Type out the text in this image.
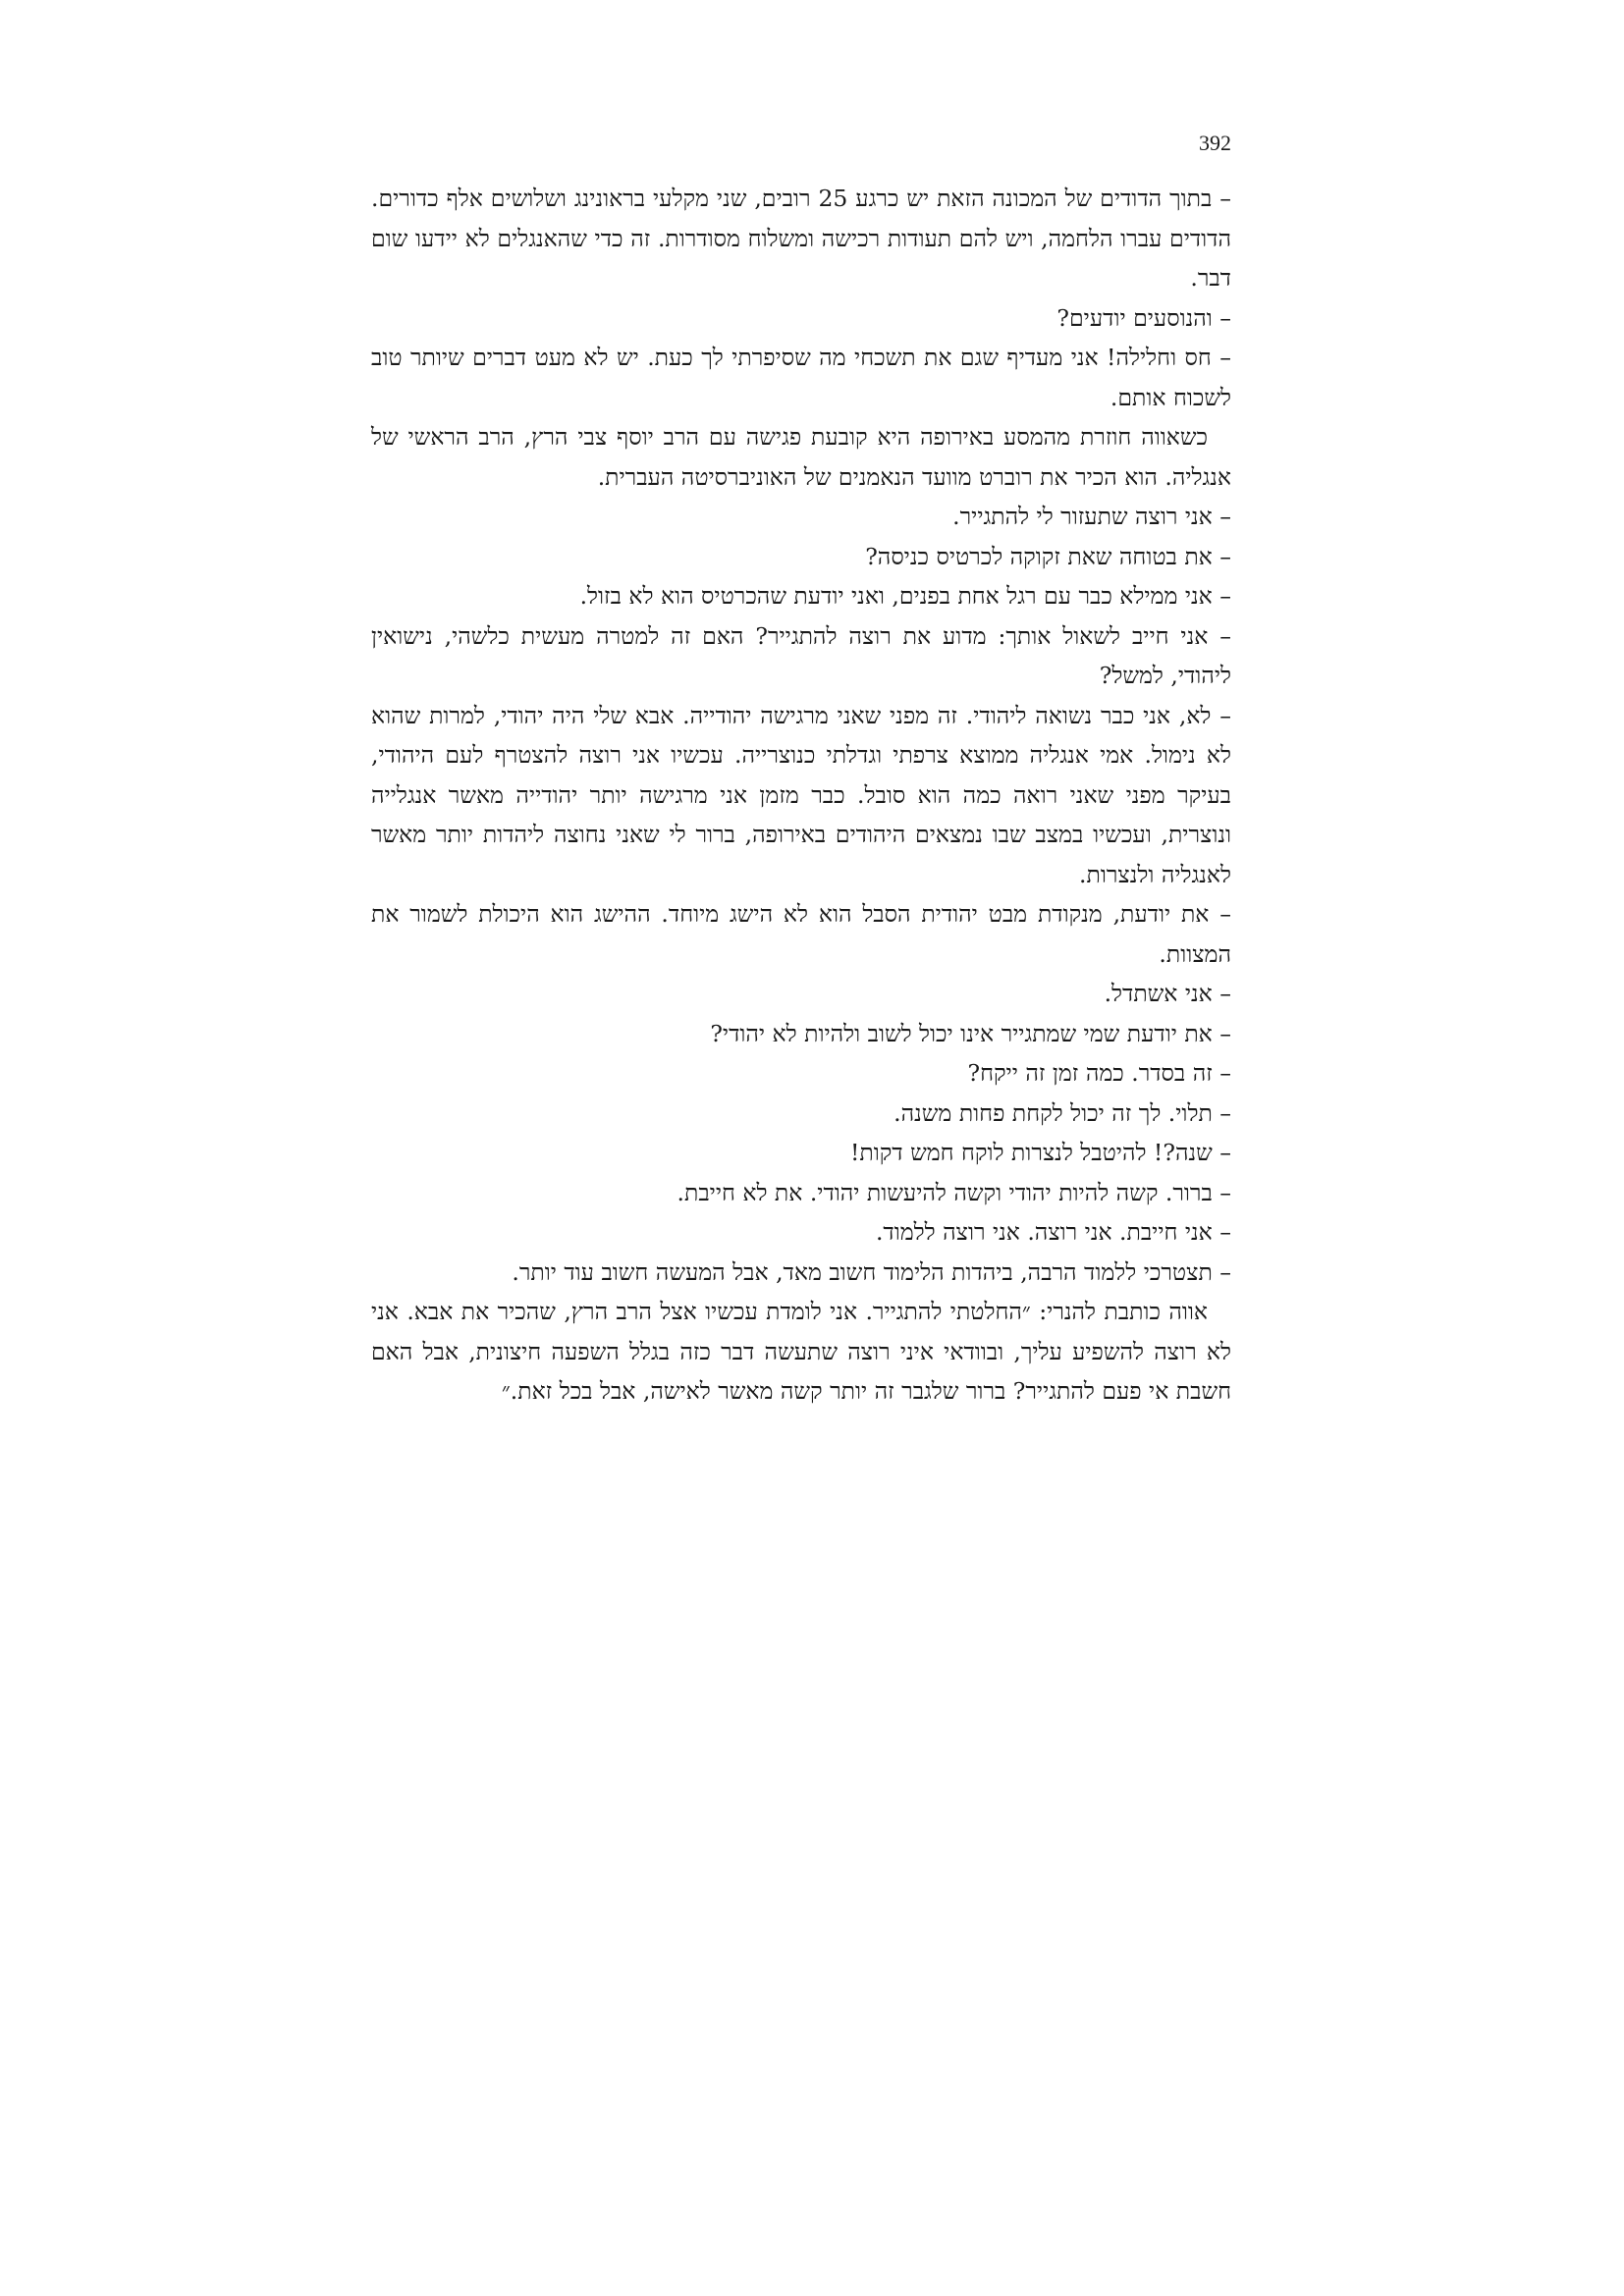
392

– בתוך הדודים של המכונה הזאת יש כרגע 25 רובים, שני מקלעי בראונינג ושלושים אלף כדורים. הדודים עברו הלחמה, ויש להם תעודות רכישה ומשלוח מסודרות. זה כדי שהאנגלים לא יידעו שום דבר.

– והנוסעים יודעים?

– חס וחלילה! אני מעדיף שגם את תשכחי מה שסיפרתי לך כעת. יש לא מעט דברים שיותר טוב לשכוח אותם.

כשאווה חוזרת מהמסע באירופה היא קובעת פגישה עם הרב יוסף צבי הרץ, הרב הראשי של אנגליה. הוא הכיר את רוברט מוועד הנאמנים של האוניברסיטה העברית.

– אני רוצה שתעזור לי להתגייר.

– את בטוחה שאת זקוקה לכרטיס כניסה?

– אני ממילא כבר עם רגל אחת בפנים, ואני יודעת שהכרטיס הוא לא בזול.

– אני חייב לשאול אותך: מדוע את רוצה להתגייר? האם זה למטרה מעשית כלשהי, נישואין ליהודי, למשל?

– לא, אני כבר נשואה ליהודי. זה מפני שאני מרגישה יהודייה. אבא שלי היה יהודי, למרות שהוא לא נימול. אמי אנגליה ממוצא צרפתי וגדלתי כנוצרייה. עכשיו אני רוצה להצטרף לעם היהודי, בעיקר מפני שאני רואה כמה הוא סובל. כבר מזמן אני מרגישה יותר יהודייה מאשר אנגלייה ונוצרית, ועכשיו במצב שבו נמצאים היהודים באירופה, ברור לי שאני נחוצה ליהדות יותר מאשר לאנגליה ולנצרות.

– את יודעת, מנקודת מבט יהודית הסבל הוא לא הישג מיוחד. ההישג הוא היכולת לשמור את המצוות.

– אני אשתדל.

– את יודעת שמי שמתגייר אינו יכול לשוב ולהיות לא יהודי?

– זה בסדר. כמה זמן זה ייקח?

– תלוי. לך זה יכול לקחת פחות משנה.

– שנה?! להיטבל לנצרות לוקח חמש דקות!

– ברור. קשה להיות יהודי וקשה להיעשות יהודי. את לא חייבת.

– אני חייבת. אני רוצה. אני רוצה ללמוד.

– תצטרכי ללמוד הרבה, ביהדות הלימוד חשוב מאד, אבל המעשה חשוב עוד יותר.

אווה כותבת להנרי: ״החלטתי להתגייר. אני לומדת עכשיו אצל הרב הרץ, שהכיר את אבא. אני לא רוצה להשפיע עליך, ובוודאי איני רוצה שתעשה דבר כזה בגלל השפעה חיצונית, אבל האם חשבת אי פעם להתגייר? ברור שלגבר זה יותר קשה מאשר לאישה, אבל בכל זאת.״
